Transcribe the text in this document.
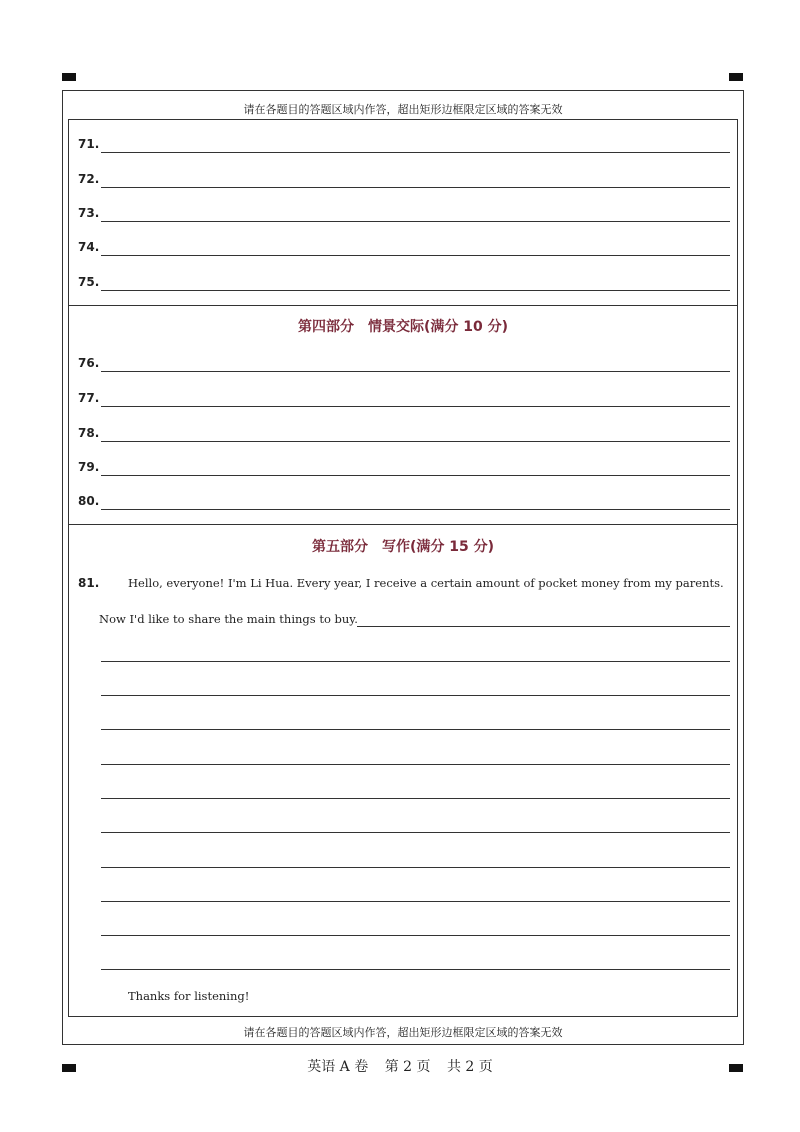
请在各题目的答题区域内作答，超出矩形边框限定区域的答案无效
71.
72.
73.
74.
75.
第四部分　情景交际(满分 10 分)
76.
77.
78.
79.
80.
第五部分　写作(满分 15 分)
81. Hello, everyone! I'm Li Hua. Every year, I receive a certain amount of pocket money from my parents.
Now I'd like to share the main things to buy.
Thanks for listening!
请在各题目的答题区域内作答，超出矩形边框限定区域的答案无效
英语 A 卷 第 2 页 共 2 页
